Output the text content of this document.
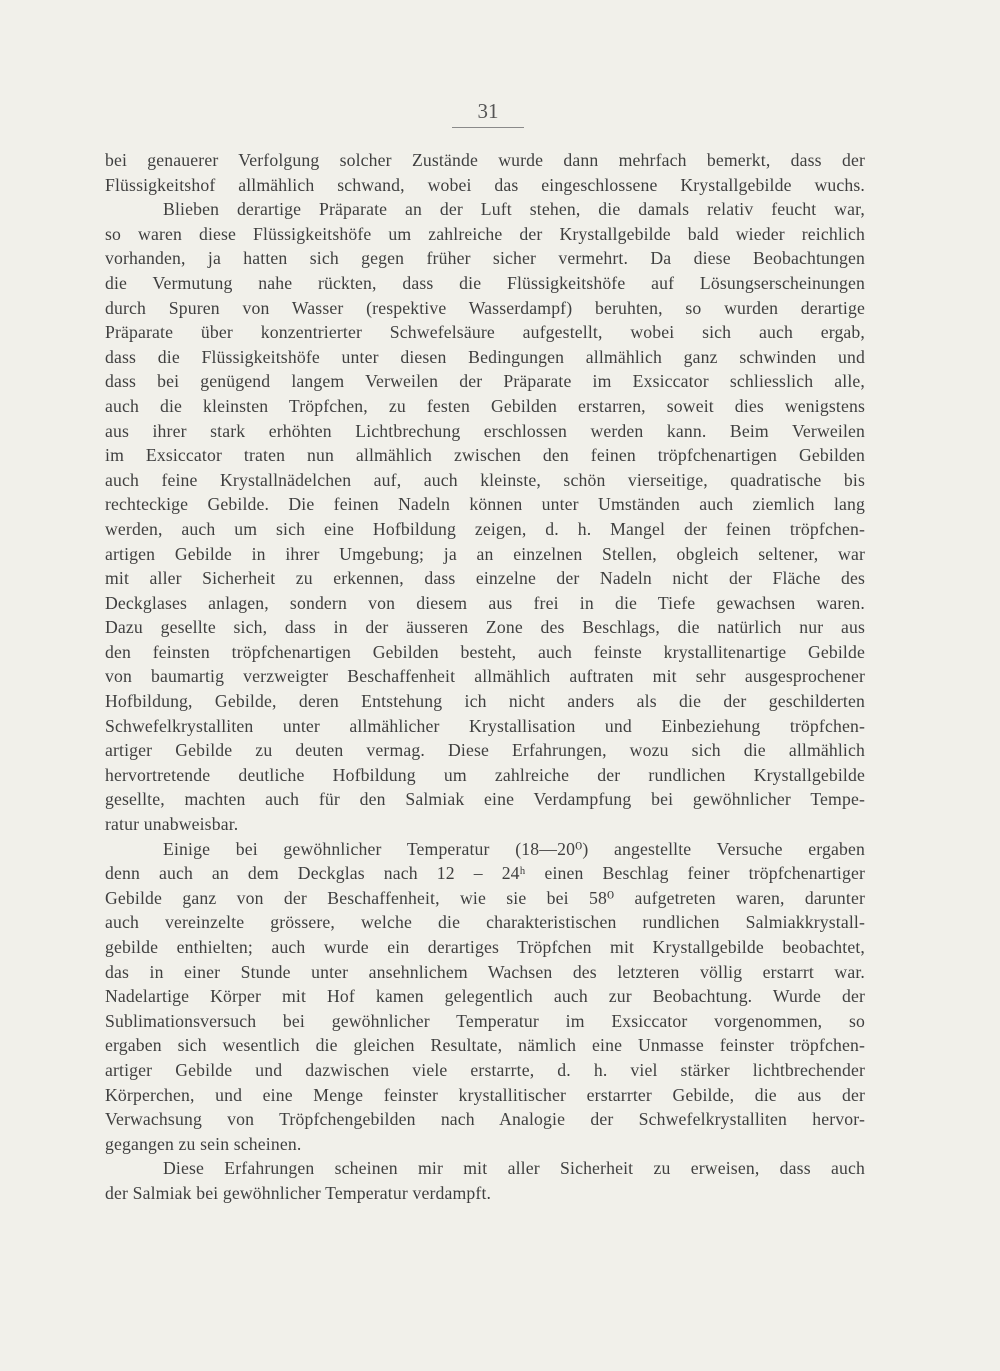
31
bei genauerer Verfolgung solcher Zustände wurde dann mehrfach bemerkt, dass der
Flüssigkeitshof allmählich schwand, wobei das eingeschlossene Krystallgebilde wuchs.
Blieben derartige Präparate an der Luft stehen, die damals relativ feucht war,
so waren diese Flüssigkeitshöfe um zahlreiche der Krystallgebilde bald wieder reichlich
vorhanden, ja hatten sich gegen früher sicher vermehrt. Da diese Beobachtungen
die Vermutung nahe rückten, dass die Flüssigkeitshöfe auf Lösungserscheinungen
durch Spuren von Wasser (respektive Wasserdampf) beruhten, so wurden derartige
Präparate über konzentrierter Schwefelsäure aufgestellt, wobei sich auch ergab,
dass die Flüssigkeitshöfe unter diesen Bedingungen allmählich ganz schwinden und
dass bei genügend langem Verweilen der Präparate im Exsiccator schliesslich alle,
auch die kleinsten Tröpfchen, zu festen Gebilden erstarren, soweit dies wenigstens
aus ihrer stark erhöhten Lichtbrechung erschlossen werden kann. Beim Verweilen
im Exsiccator traten nun allmählich zwischen den feinen tröpfchenartigen Gebilden
auch feine Krystallnädelchen auf, auch kleinste, schön vierseitige, quadratische bis
rechteckige Gebilde. Die feinen Nadeln können unter Umständen auch ziemlich lang
werden, auch um sich eine Hofbildung zeigen, d. h. Mangel der feinen tröpfchen-
artigen Gebilde in ihrer Umgebung; ja an einzelnen Stellen, obgleich seltener, war
mit aller Sicherheit zu erkennen, dass einzelne der Nadeln nicht der Fläche des
Deckglases anlagen, sondern von diesem aus frei in die Tiefe gewachsen waren.
Dazu gesellte sich, dass in der äusseren Zone des Beschlags, die natürlich nur aus
den feinsten tröpfchenartigen Gebilden besteht, auch feinste krystallitenartige Gebilde
von baumartig verzweigter Beschaffenheit allmählich auftraten mit sehr ausgesprochener
Hofbildung, Gebilde, deren Entstehung ich nicht anders als die der geschilderten
Schwefelkrystalliten unter allmählicher Krystallisation und Einbeziehung tröpfchen-
artiger Gebilde zu deuten vermag. Diese Erfahrungen, wozu sich die allmählich
hervortretende deutliche Hofbildung um zahlreiche der rundlichen Krystallgebilde
gesellte, machten auch für den Salmiak eine Verdampfung bei gewöhnlicher Tempe-
ratur unabweisbar.
Einige bei gewöhnlicher Temperatur (18—20⁰) angestellte Versuche ergaben
denn auch an dem Deckglas nach 12 – 24ʰ einen Beschlag feiner tröpfchenartiger
Gebilde ganz von der Beschaffenheit, wie sie bei 58⁰ aufgetreten waren, darunter
auch vereinzelte grössere, welche die charakteristischen rundlichen Salmiakkrystall-
gebilde enthielten; auch wurde ein derartiges Tröpfchen mit Krystallgebilde beobachtet,
das in einer Stunde unter ansehnlichem Wachsen des letzteren völlig erstarrt war.
Nadelartige Körper mit Hof kamen gelegentlich auch zur Beobachtung. Wurde der
Sublimationsversuch bei gewöhnlicher Temperatur im Exsiccator vorgenommen, so
ergaben sich wesentlich die gleichen Resultate, nämlich eine Unmasse feinster tröpfchen-
artiger Gebilde und dazwischen viele erstarrte, d. h. viel stärker lichtbrechender
Körperchen, und eine Menge feinster krystallitischer erstarrter Gebilde, die aus der
Verwachsung von Tröpfchengebilden nach Analogie der Schwefelkrystalliten hervor-
gegangen zu sein scheinen.
Diese Erfahrungen scheinen mir mit aller Sicherheit zu erweisen, dass auch
der Salmiak bei gewöhnlicher Temperatur verdampft.
